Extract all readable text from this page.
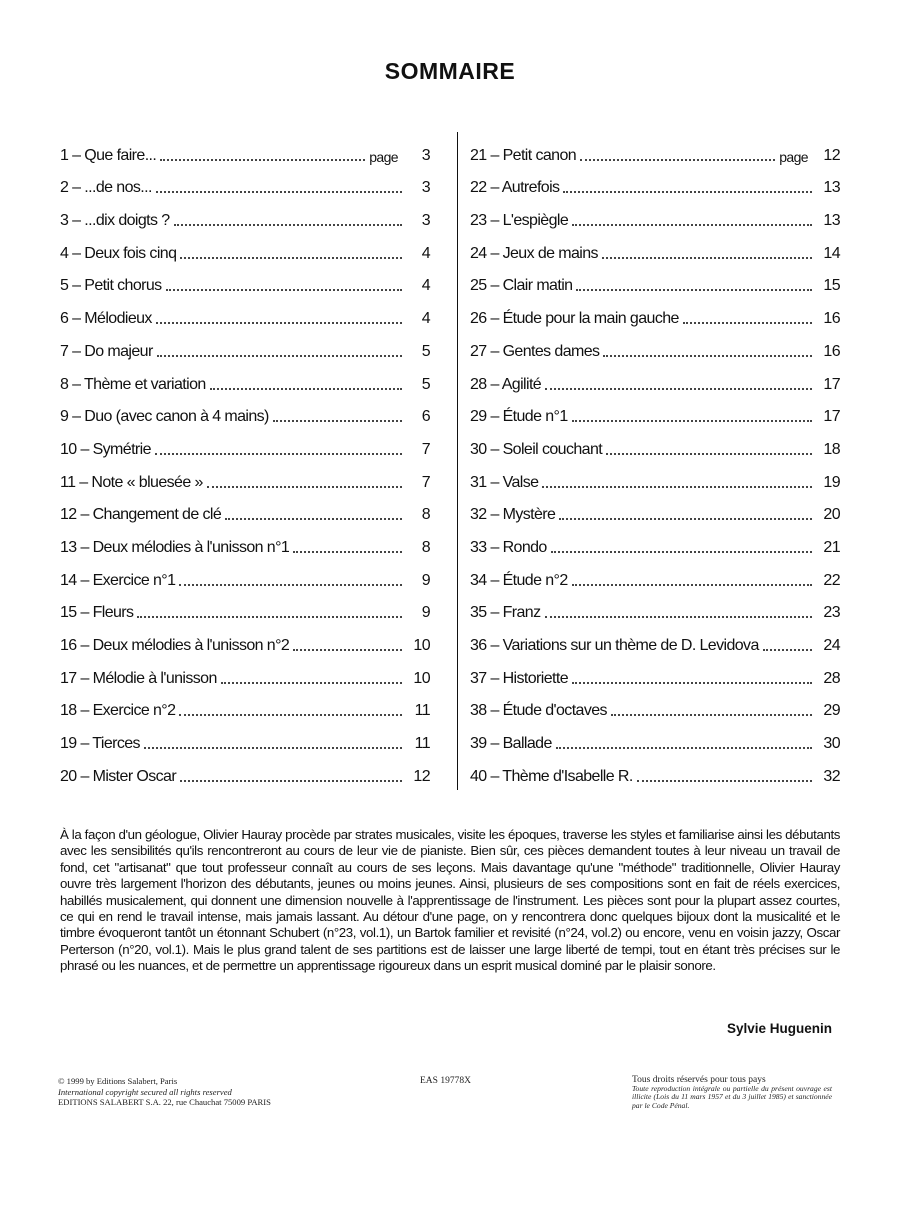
SOMMAIRE
1 – Que faire...	page	3
2 – ...de nos...	3
3 – ...dix doigts ?	3
4 – Deux fois cinq	4
5 – Petit chorus	4
6 – Mélodieux	4
7 – Do majeur	5
8 – Thème et variation	5
9 – Duo (avec canon à 4 mains)	6
10 – Symétrie	7
11 – Note « bluesée »	7
12 – Changement de clé	8
13 – Deux mélodies à l'unisson n°1	8
14 – Exercice n°1	9
15 – Fleurs	9
16 – Deux mélodies à l'unisson n°2	10
17 – Mélodie à l'unisson	10
18 – Exercice n°2	11
19 – Tierces	11
20 – Mister Oscar	12
21 – Petit canon	page 12
22 – Autrefois	13
23 – L'espiègle	13
24 – Jeux de mains	14
25 – Clair matin	15
26 – Étude pour la main gauche	16
27 – Gentes dames	16
28 – Agilité	17
29 – Étude n°1	17
30 – Soleil couchant	18
31 – Valse	19
32 – Mystère	20
33 – Rondo	21
34 – Étude n°2	22
35 – Franz	23
36 – Variations sur un thème de D. Levidova	24
37 – Historiette	28
38 – Étude d'octaves	29
39 – Ballade	30
40 – Thème d'Isabelle R.	32

À la façon d'un géologue, Olivier Hauray procède par strates musicales, visite les époques, traverse les styles et familiarise ainsi les débutants avec les sensibilités qu'ils rencontreront au cours de leur vie de pianiste. Bien sûr, ces pièces demandent toutes à leur niveau un travail de fond, cet "artisanat" que tout professeur connaît au cours de ses leçons. Mais davantage qu'une "méthode" traditionnelle, Olivier Hauray ouvre très largement l'horizon des débutants, jeunes ou moins jeunes. Ainsi, plusieurs de ses compositions sont en fait de réels exercices, habillés musicalement, qui donnent une dimension nouvelle à l'apprentissage de l'instrument. Les pièces sont pour la plupart assez courtes, ce qui en rend le travail intense, mais jamais lassant. Au détour d'une page, on y rencontrera donc quelques bijoux dont la musicalité et le timbre évoqueront tantôt un étonnant Schubert (n°23, vol.1), un Bartok familier et revisité (n°24, vol.2) ou encore, venu en voisin jazzy, Oscar Perterson (n°20, vol.1). Mais le plus grand talent de ses partitions est de laisser une large liberté de tempi, tout en étant très précises sur le phrasé ou les nuances, et de permettre un apprentissage rigoureux dans un esprit musical dominé par le plaisir sonore.

Sylvie Huguenin
© 1999 by Editions Salabert, Paris
International copyright secured all rights reserved
EDITIONS SALABERT S.A. 22, rue Chauchat 75009 PARIS
EAS 19778X	Tous droits réservés pour tous pays
Toute reproduction intégrale ou partielle du présent ouvrage est illicite (Lois du 11 mars 1957 et du 3 juillet 1985) et sanctionnée par le Code Pénal.
